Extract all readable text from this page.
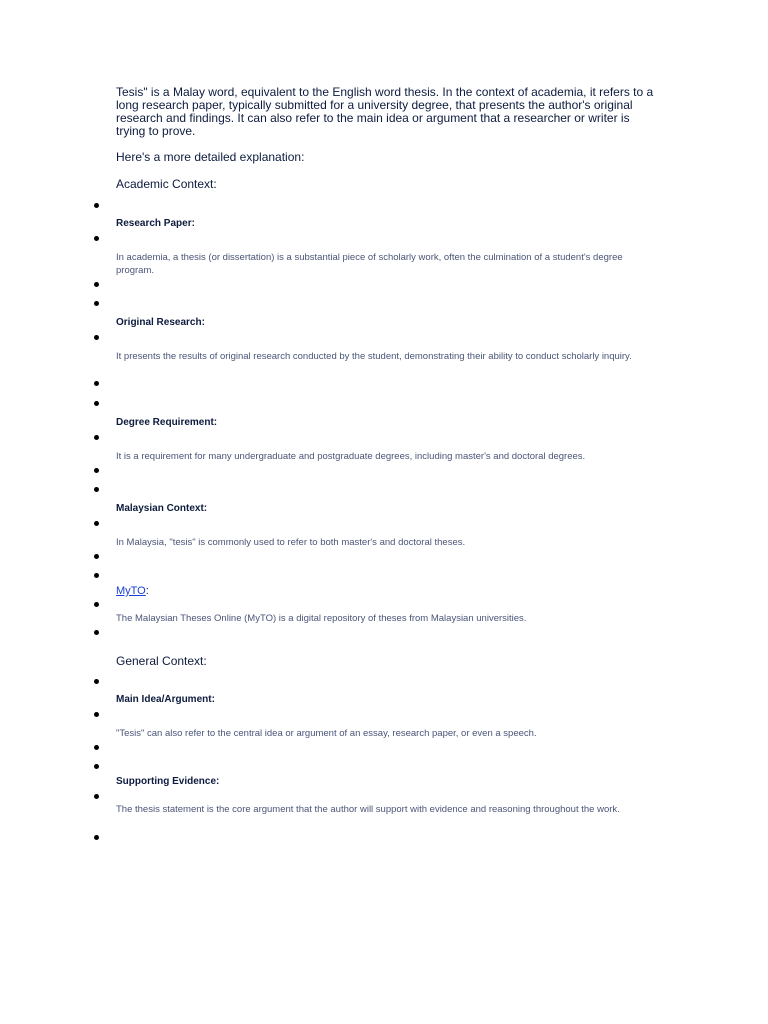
Tesis" is a Malay word, equivalent to the English word thesis. In the context of academia, it refers to a long research paper, typically submitted for a university degree, that presents the author's original research and findings. It can also refer to the main idea or argument that a researcher or writer is trying to prove.
Here's a more detailed explanation:
Academic Context:
Research Paper:
In academia, a thesis (or dissertation) is a substantial piece of scholarly work, often the culmination of a student's degree program.
Original Research:
It presents the results of original research conducted by the student, demonstrating their ability to conduct scholarly inquiry.
Degree Requirement:
It is a requirement for many undergraduate and postgraduate degrees, including master's and doctoral degrees.
Malaysian Context:
In Malaysia, "tesis" is commonly used to refer to both master's and doctoral theses.
MyTO:
The Malaysian Theses Online (MyTO) is a digital repository of theses from Malaysian universities.
General Context:
Main Idea/Argument:
"Tesis" can also refer to the central idea or argument of an essay, research paper, or even a speech.
Supporting Evidence:
The thesis statement is the core argument that the author will support with evidence and reasoning throughout the work.
